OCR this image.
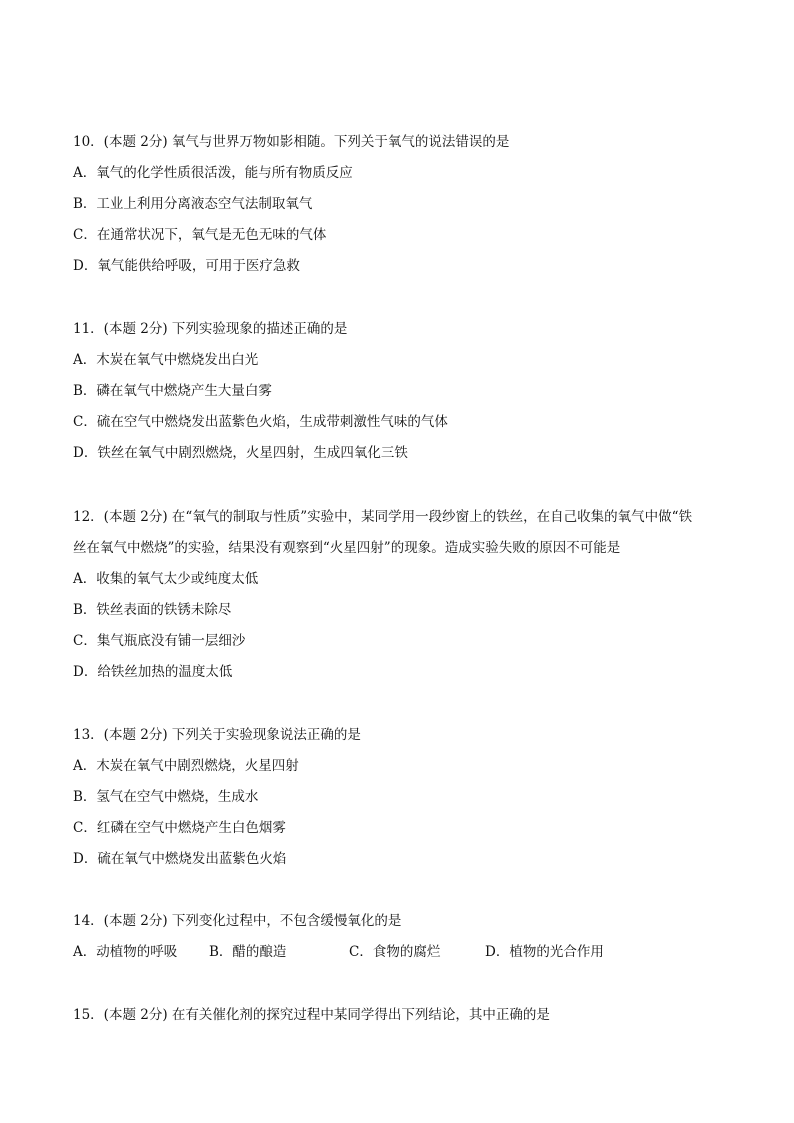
10．(本题 2分) 氧气与世界万物如影相随。下列关于氧气的说法错误的是
A．氧气的化学性质很活泼，能与所有物质反应
B．工业上利用分离液态空气法制取氧气
C．在通常状况下，氧气是无色无味的气体
D．氧气能供给呼吸，可用于医疗急救
11．(本题 2分) 下列实验现象的描述正确的是
A．木炭在氧气中燃烧发出白光
B．磷在氧气中燃烧产生大量白雾
C．硫在空气中燃烧发出蓝紫色火焰，生成带刺激性气味的气体
D．铁丝在氧气中剧烈燃烧，火星四射，生成四氧化三铁
12．(本题 2分) 在“氧气的制取与性质”实验中，某同学用一段纱窗上的铁丝，在自己收集的氧气中做“铁
丝在氧气中燃烧”的实验，结果没有观察到“火星四射”的现象。造成实验失败的原因不可能是
A．收集的氧气太少或纯度太低
B．铁丝表面的铁锈未除尽
C．集气瓶底没有铺一层细沙
D．给铁丝加热的温度太低
13．(本题 2分) 下列关于实验现象说法正确的是
A．木炭在氧气中剧烈燃烧，火星四射
B．氢气在空气中燃烧，生成水
C．红磷在空气中燃烧产生白色烟雾
D．硫在氧气中燃烧发出蓝紫色火焰
14．(本题 2分) 下列变化过程中，不包含缓慢氧化的是
A．动植物的呼吸 B．醋的酿造	C．食物的腐烂	D．植物的光合作用
15．(本题 2分) 在有关催化剂的探究过程中某同学得出下列结论，其中正确的是
